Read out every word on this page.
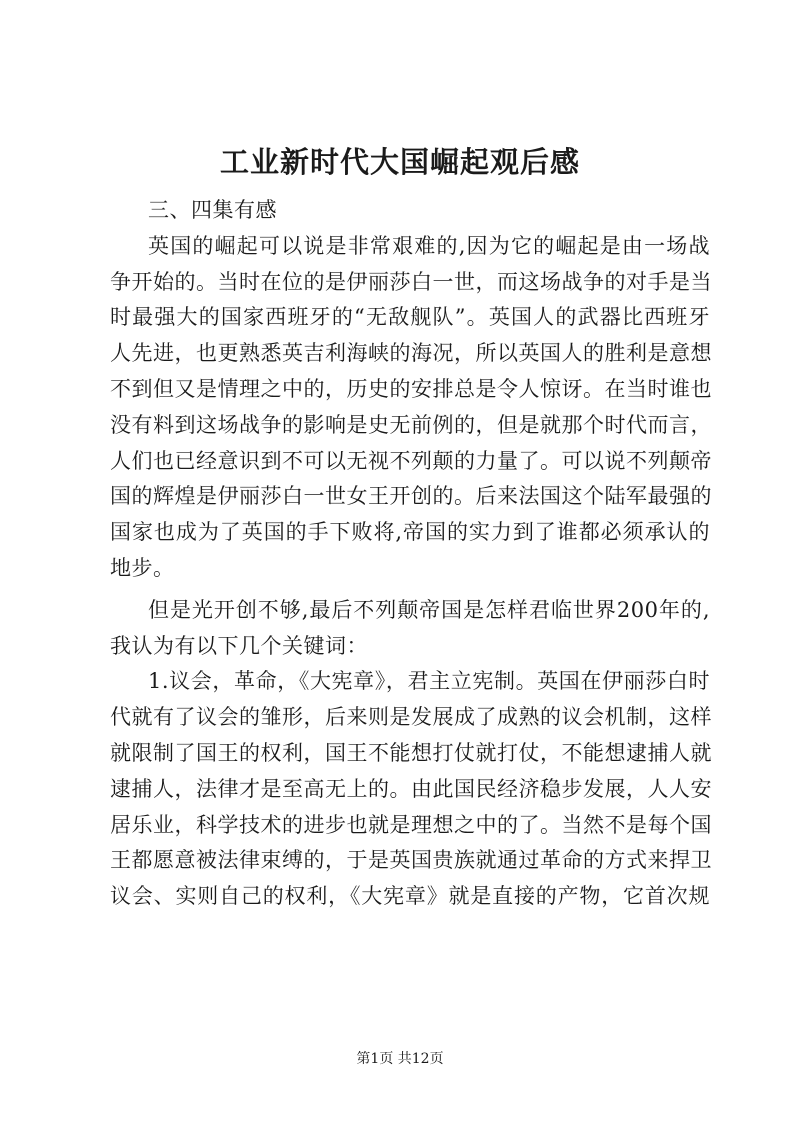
工业新时代大国崛起观后感
三、四集有感
英国的崛起可以说是非常艰难的,因为它的崛起是由一场战
争开始的。当时在位的是伊丽莎白一世，而这场战争的对手是当
时最强大的国家西班牙的“无敌舰队”。英国人的武器比西班牙
人先进，也更熟悉英吉利海峡的海况，所以英国人的胜利是意想
不到但又是情理之中的，历史的安排总是令人惊讶。在当时谁也
没有料到这场战争的影响是史无前例的，但是就那个时代而言，
人们也已经意识到不可以无视不列颠的力量了。可以说不列颠帝
国的辉煌是伊丽莎白一世女王开创的。后来法国这个陆军最强的
国家也成为了英国的手下败将,帝国的实力到了谁都必须承认的
地步。
但是光开创不够,最后不列颠帝国是怎样君临世界200年的,
我认为有以下几个关键词：
1.议会，革命，《大宪章》，君主立宪制。英国在伊丽莎白时
代就有了议会的雏形，后来则是发展成了成熟的议会机制，这样
就限制了国王的权利，国王不能想打仗就打仗，不能想逮捕人就
逮捕人，法律才是至高无上的。由此国民经济稳步发展，人人安
居乐业，科学技术的进步也就是理想之中的了。当然不是每个国
王都愿意被法律束缚的，于是英国贵族就通过革命的方式来捍卫
议会、实则自己的权利，《大宪章》就是直接的产物，它首次规
第1页 共12页
